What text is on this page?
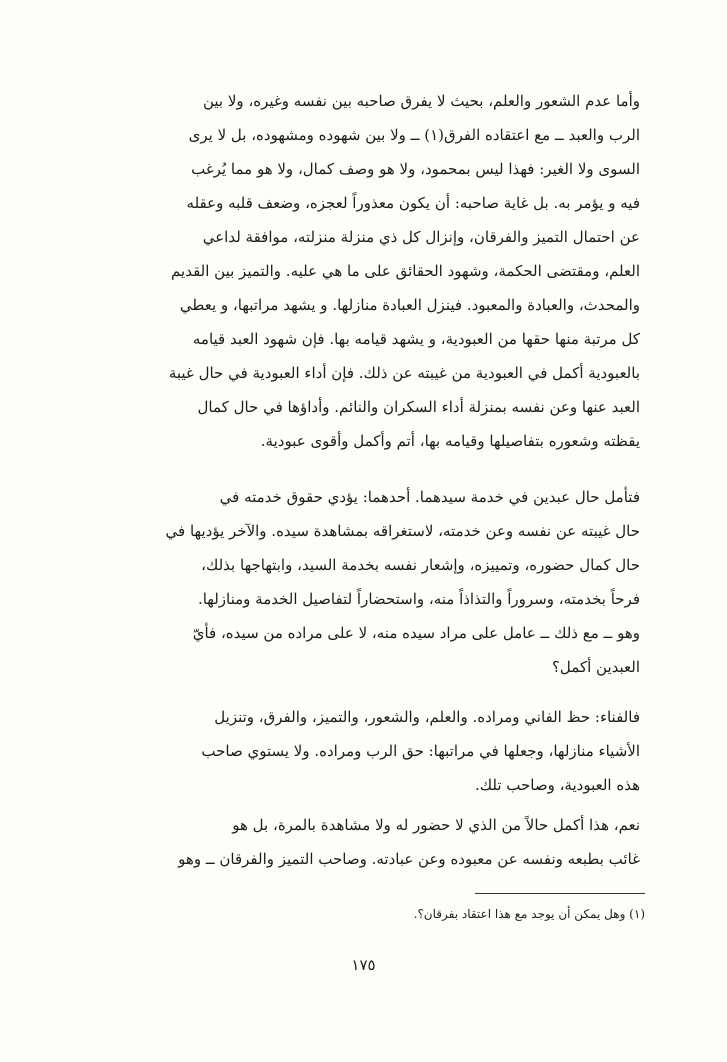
وأما عدم الشعور والعلم، بحيث لا يفرق صاحبه بين نفسه وغيره، ولا بين
الرب والعبد ــ مع اعتقاده الفرق(١) ــ ولا بين شهوده ومشهوده، بل لا يرى
السوى ولا الغير: فهذا ليس بمحمود، ولا هو وصف كمال، ولا هو مما يُرغب
فيه و يؤمر به. بل غاية صاحبه: أن يكون معذوراً لعجزه، وضعف قلبه وعقله
عن احتمال التميز والفرقان، وإنزال كل ذي منزلة منزلته، موافقة لداعي
العلم، ومقتضى الحكمة، وشهود الحقائق على ما هي عليه. والتميز بين القديم
والمحدث، والعبادة والمعبود. فينزل العبادة منازلها. و يشهد مراتبها، و يعطي
كل مرتبة منها حقها من العبودية، و يشهد قيامه بها. فإن شهود العبد قيامه
بالعبودية أكمل في العبودية من غيبته عن ذلك. فإن أداء العبودية في حال غيبة
العبد عنها وعن نفسه بمنزلة أداء السكران والنائم. وأداؤها في حال كمال
يقظته وشعوره بتفاصيلها وقيامه بها، أتم وأكمل وأقوى عبودية.
فتأمل حال عبدين في خدمة سيدهما. أحدهما: يؤدي حقوق خدمته في
حال غيبته عن نفسه وعن خدمته، لاستغراقه بمشاهدة سيده. والآخر يؤديها في
حال كمال حضوره، وتمييزه، وإشعار نفسه بخدمة السيد، وابتهاجها بذلك،
فرحاً بخدمته، وسروراً والتذاذاً منه، واستحضاراً لتفاصيل الخدمة ومنازلها.
وهو ــ مع ذلك ــ عامل على مراد سيده منه، لا على مراده من سيده، فأيّ
العبدين أكمل؟
فالفناء: حظ الفاني ومراده. والعلم، والشعور، والتميز، والفرق، وتنزيل
الأشياء منازلها، وجعلها في مراتبها: حق الرب ومراده. ولا يستوي صاحب
هذه العبودية، وصاحب تلك.
نعم، هذا أكمل حالاً من الذي لا حضور له ولا مشاهدة بالمرة، بل هو
غائب بطبعه ونفسه عن معبوده وعن عبادته. وصاحب التميز والفرقان ــ وهو
(١) وهل يمكن أن يوجد مع هذا اعتقاد بفرقان؟.
١٧٥
